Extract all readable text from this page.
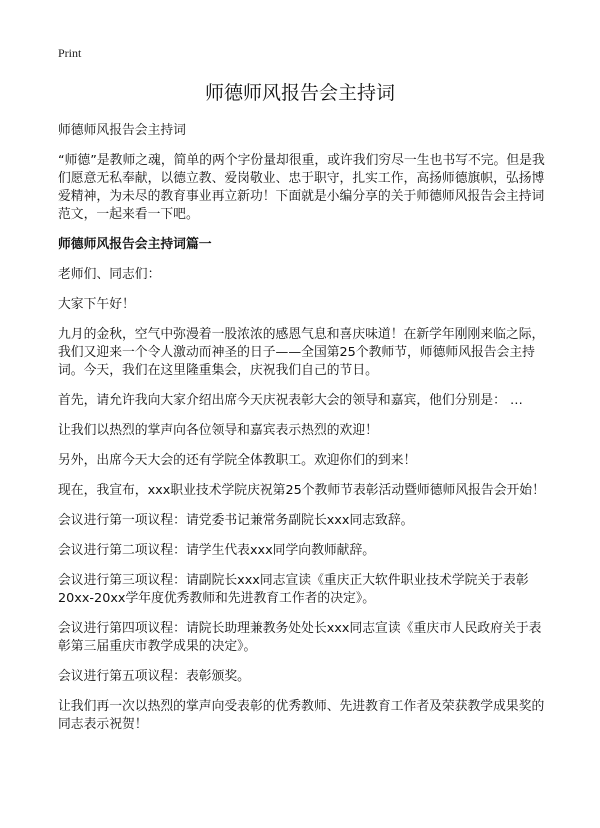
Print
师德师风报告会主持词

师德师风报告会主持词

“师德”是教师之魂，简单的两个字份量却很重，或许我们穷尽一生也书写不完。但是我们愿意无私奉献，以德立教、爱岗敬业、忠于职守，扎实工作，高扬师德旗帜，弘扬博爱精神，为未尽的教育事业再立新功！下面就是小编分享的关于师德师风报告会主持词范文，一起来看一下吧。

师德师风报告会主持词篇一

老师们、同志们：

大家下午好！

九月的金秋，空气中弥漫着一股浓浓的感恩气息和喜庆味道！在新学年刚刚来临之际，我们又迎来一个令人激动而神圣的日子——全国第25个教师节，师德师风报告会主持词。今天，我们在这里隆重集会，庆祝我们自己的节日。

首先，请允许我向大家介绍出席今天庆祝表彰大会的领导和嘉宾，他们分别是： …

让我们以热烈的掌声向各位领导和嘉宾表示热烈的欢迎！

另外，出席今天大会的还有学院全体教职工。欢迎你们的到来！

现在，我宣布，xxx职业技术学院庆祝第25个教师节表彰活动暨师德师风报告会开始！

会议进行第一项议程：请党委书记兼常务副院长xxx同志致辞。

会议进行第二项议程：请学生代表xxx同学向教师献辞。

会议进行第三项议程：请副院长xxx同志宣读《重庆正大软件职业技术学院关于表彰20xx-20xx学年度优秀教师和先进教育工作者的决定》。

会议进行第四项议程：请院长助理兼教务处处长xxx同志宣读《重庆市人民政府关于表彰第三届重庆市教学成果的决定》。

会议进行第五项议程：表彰颁奖。

让我们再一次以热烈的掌声向受表彰的优秀教师、先进教育工作者及荣获教学成果奖的同志表示祝贺！
